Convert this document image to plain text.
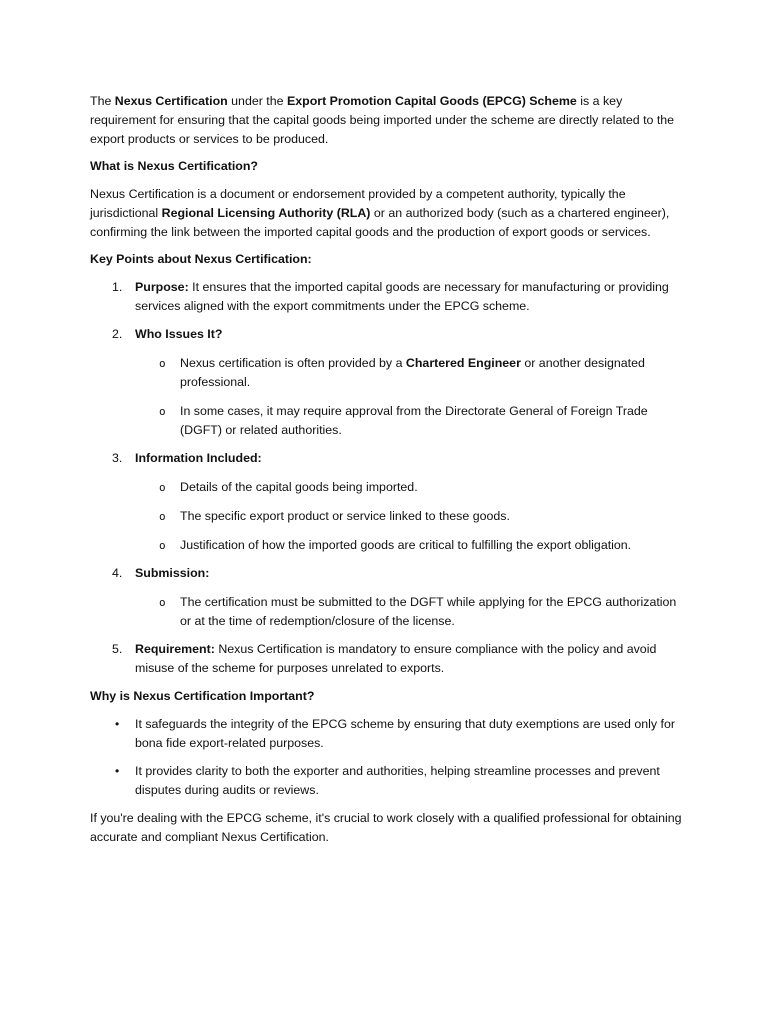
The Nexus Certification under the Export Promotion Capital Goods (EPCG) Scheme is a key requirement for ensuring that the capital goods being imported under the scheme are directly related to the export products or services to be produced.

What is Nexus Certification?

Nexus Certification is a document or endorsement provided by a competent authority, typically the jurisdictional Regional Licensing Authority (RLA) or an authorized body (such as a chartered engineer), confirming the link between the imported capital goods and the production of export goods or services.

Key Points about Nexus Certification:

1. Purpose: It ensures that the imported capital goods are necessary for manufacturing or providing services aligned with the export commitments under the EPCG scheme.
2. Who Issues It?
o Nexus certification is often provided by a Chartered Engineer or another designated professional.
o In some cases, it may require approval from the Directorate General of Foreign Trade (DGFT) or related authorities.
3. Information Included:
o Details of the capital goods being imported.
o The specific export product or service linked to these goods.
o Justification of how the imported goods are critical to fulfilling the export obligation.
4. Submission:
o The certification must be submitted to the DGFT while applying for the EPCG authorization or at the time of redemption/closure of the license.
5. Requirement: Nexus Certification is mandatory to ensure compliance with the policy and avoid misuse of the scheme for purposes unrelated to exports.

Why is Nexus Certification Important?

• It safeguards the integrity of the EPCG scheme by ensuring that duty exemptions are used only for bona fide export-related purposes.
• It provides clarity to both the exporter and authorities, helping streamline processes and prevent disputes during audits or reviews.

If you're dealing with the EPCG scheme, it's crucial to work closely with a qualified professional for obtaining accurate and compliant Nexus Certification.
